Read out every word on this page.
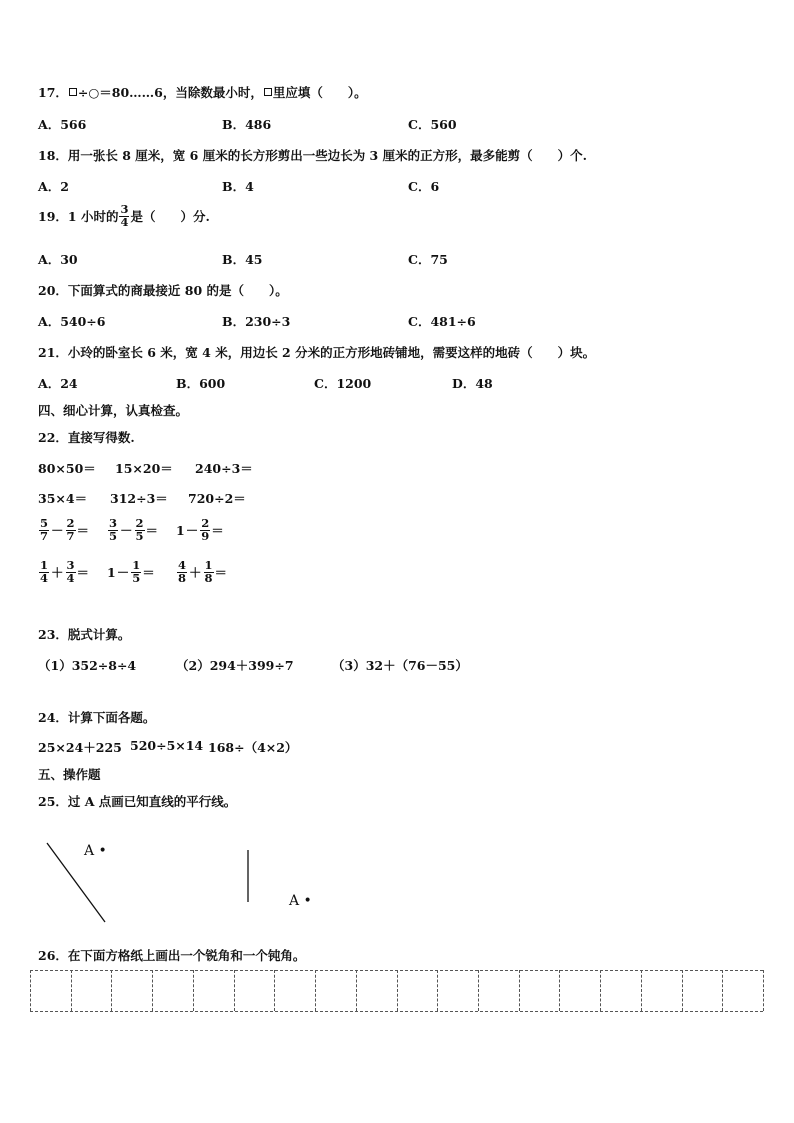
17． ÷○＝80……6，当除数最小时， 里应填（　　）。
A．566	B．486	C．560
18．用一张长 8 厘米，宽 6 厘米的长方形剪出一些边长为 3 厘米的正方形，最多能剪（　　）个.
A．2	B．4	C．6
19．1 小时的 $\frac{3}{4}$ 是（　　）分.
A．30	B．45	C．75
20．下面算式的商最接近 80 的是（　　）。
A．540÷6	B．230÷3	C．481÷6
21．小玲的卧室长 6 米，宽 4 米，用边长 2 分米的正方形地砖铺地，需要这样的地砖（　　）块。
A．24	B．600	C．1200	D．48
四、细心计算，认真检查。
22．直接写得数.
80×50＝ 15×20＝ 240÷3＝
35×4＝ 312÷3＝ 720÷2＝
$\frac{5}{7} - \frac{2}{7} = \frac{3}{5} - \frac{2}{5} = 1 - \frac{2}{9}$ ＝
$\frac{1}{4} + \frac{3}{4} = 1 - \frac{1}{5} = \frac{4}{8} + \frac{1}{8}$ ＝
23．脱式计算。
（1）352÷8÷4	（2）294＋399÷7	（3）32＋（76－55）
24．计算下面各题。
25×24＋225 520÷5×14 168÷（4×2）
五、操作题
25．过 A 点画已知直线的平行线。
A •
A •
26．在下面方格纸上画出一个锐角和一个钝角。
